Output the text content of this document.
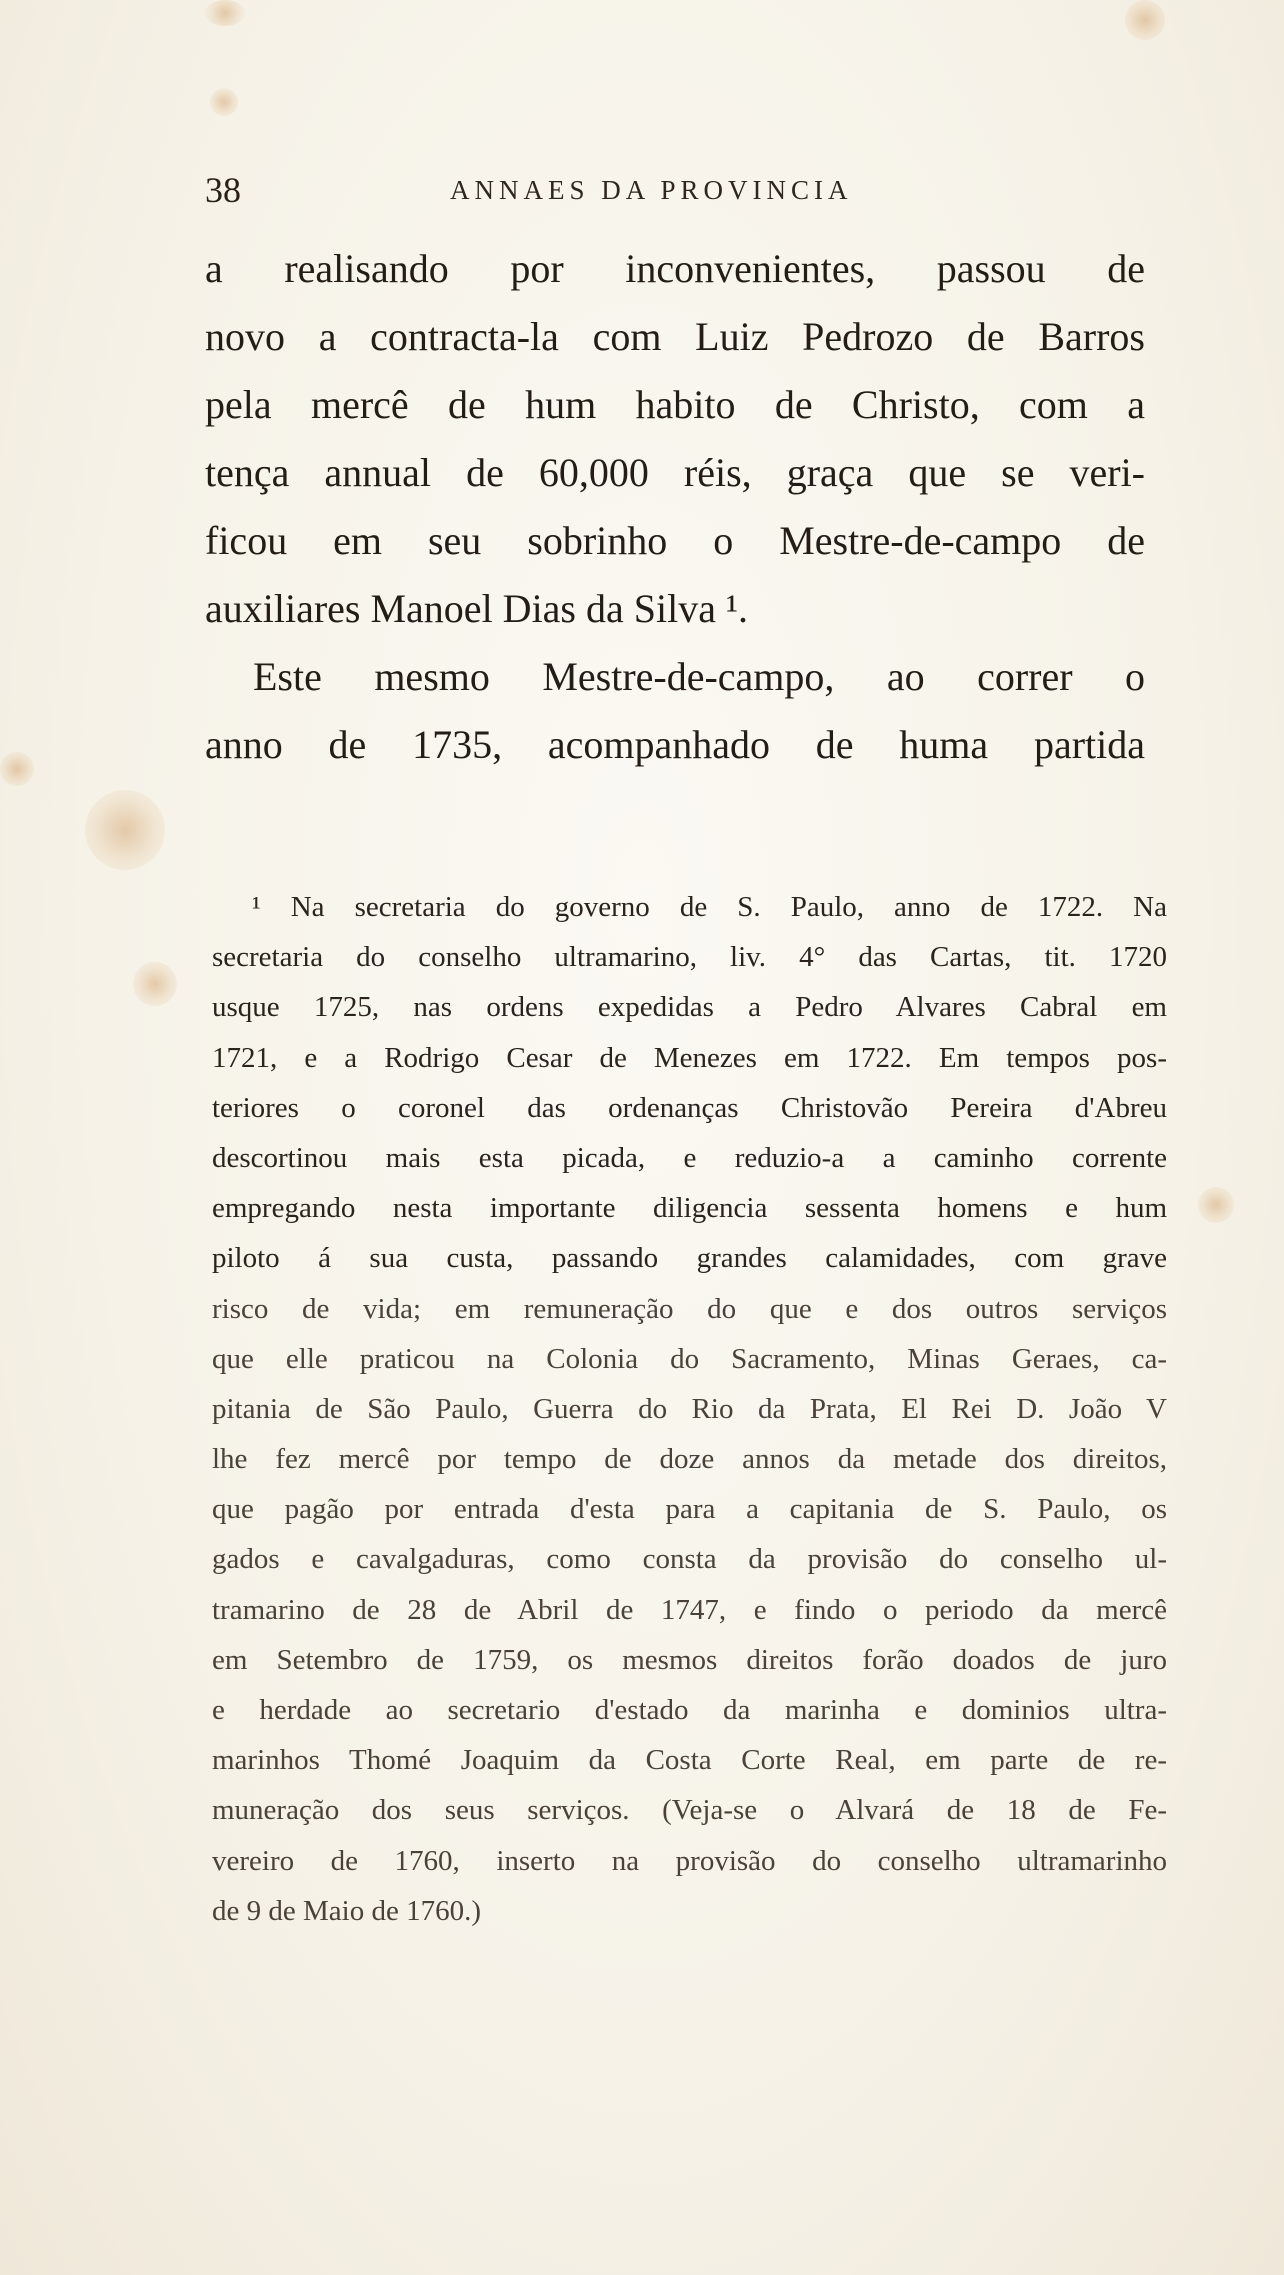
38	ANNAES DA PROVINCIA
a realisando por inconvenientes, passou de
novo a contracta-la com Luiz Pedrozo de Barros
pela mercê de hum habito de Christo, com a
tença annual de 60,000 réis, graça que se veri-
ficou em seu sobrinho o Mestre-de-campo de
auxiliares Manoel Dias da Silva ¹.
Este mesmo Mestre-de-campo, ao correr o
anno de 1735, acompanhado de huma partida
¹ Na secretaria do governo de S. Paulo, anno de 1722. Na
secretaria do conselho ultramarino, liv. 4° das Cartas, tit. 1720
usque 1725, nas ordens expedidas a Pedro Alvares Cabral em
1721, e a Rodrigo Cesar de Menezes em 1722. Em tempos pos-
teriores o coronel das ordenanças Christovão Pereira d'Abreu
descortinou mais esta picada, e reduzio-a a caminho corrente
empregando nesta importante diligencia sessenta homens e hum
piloto á sua custa, passando grandes calamidades, com grave
risco de vida; em remuneração do que e dos outros serviços
que elle praticou na Colonia do Sacramento, Minas Geraes, ca-
pitania de São Paulo, Guerra do Rio da Prata, El Rei D. João V
lhe fez mercê por tempo de doze annos da metade dos direitos,
que pagão por entrada d'esta para a capitania de S. Paulo, os
gados e cavalgaduras, como consta da provisão do conselho ul-
tramarino de 28 de Abril de 1747, e findo o periodo da mercê
em Setembro de 1759, os mesmos direitos forão doados de juro
e herdade ao secretario d'estado da marinha e dominios ultra-
marinhos Thomé Joaquim da Costa Corte Real, em parte de re-
muneração dos seus serviços. (Veja-se o Alvará de 18 de Fe-
vereiro de 1760, inserto na provisão do conselho ultramarinho
de 9 de Maio de 1760.)
